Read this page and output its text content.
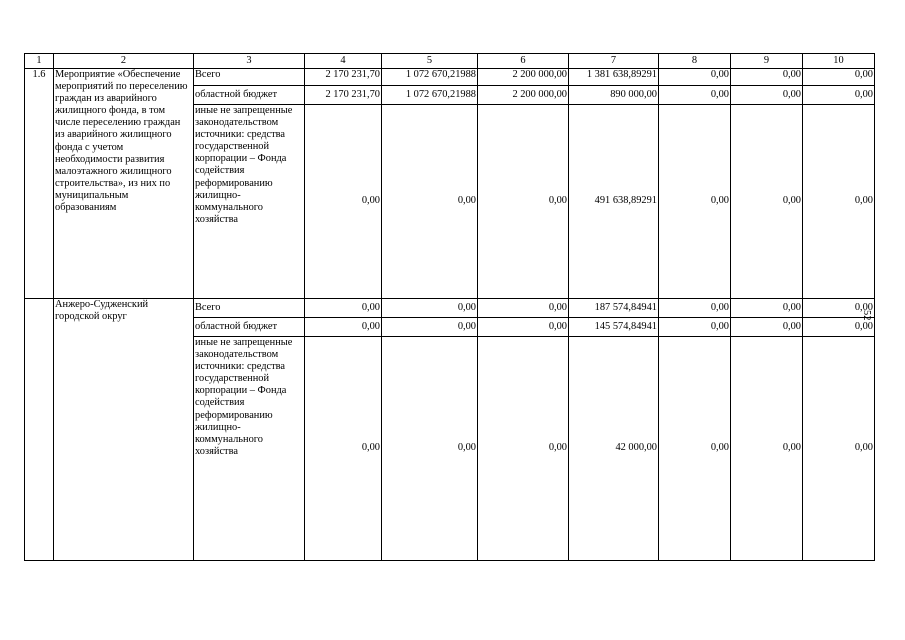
1	2	3	4	5	6	7	8	9	10
1.6	Мероприятие «Обеспечение мероприятий по переселению граждан из аварийного жилищного фонда, в том числе переселению граждан из аварийного жилищного фонда с учетом необходимости развития малоэтажного жилищного строительства», из них по муниципальным образованиям	Всего	2 170 231,70	1 072 670,21988	2 200 000,00	1 381 638,89291	0,00	0,00	0,00
		областной бюджет	2 170 231,70	1 072 670,21988	2 200 000,00	890 000,00	0,00	0,00	0,00
		иные не запрещенные законодательством источники: средства государственной корпорации – Фонда содействия реформированию жилищно-коммунального хозяйства	0,00	0,00	0,00	491 638,89291	0,00	0,00	0,00
	Анжеро-Судженский городской округ	Всего	0,00	0,00	0,00	187 574,84941	0,00	0,00	0,00
		областной бюджет	0,00	0,00	0,00	145 574,84941	0,00	0,00	0,00
		иные не запрещенные законодательством источники: средства государственной корпорации – Фонда содействия реформированию жилищно-коммунального хозяйства	0,00	0,00	0,00	42 000,00	0,00	0,00	0,00
52
